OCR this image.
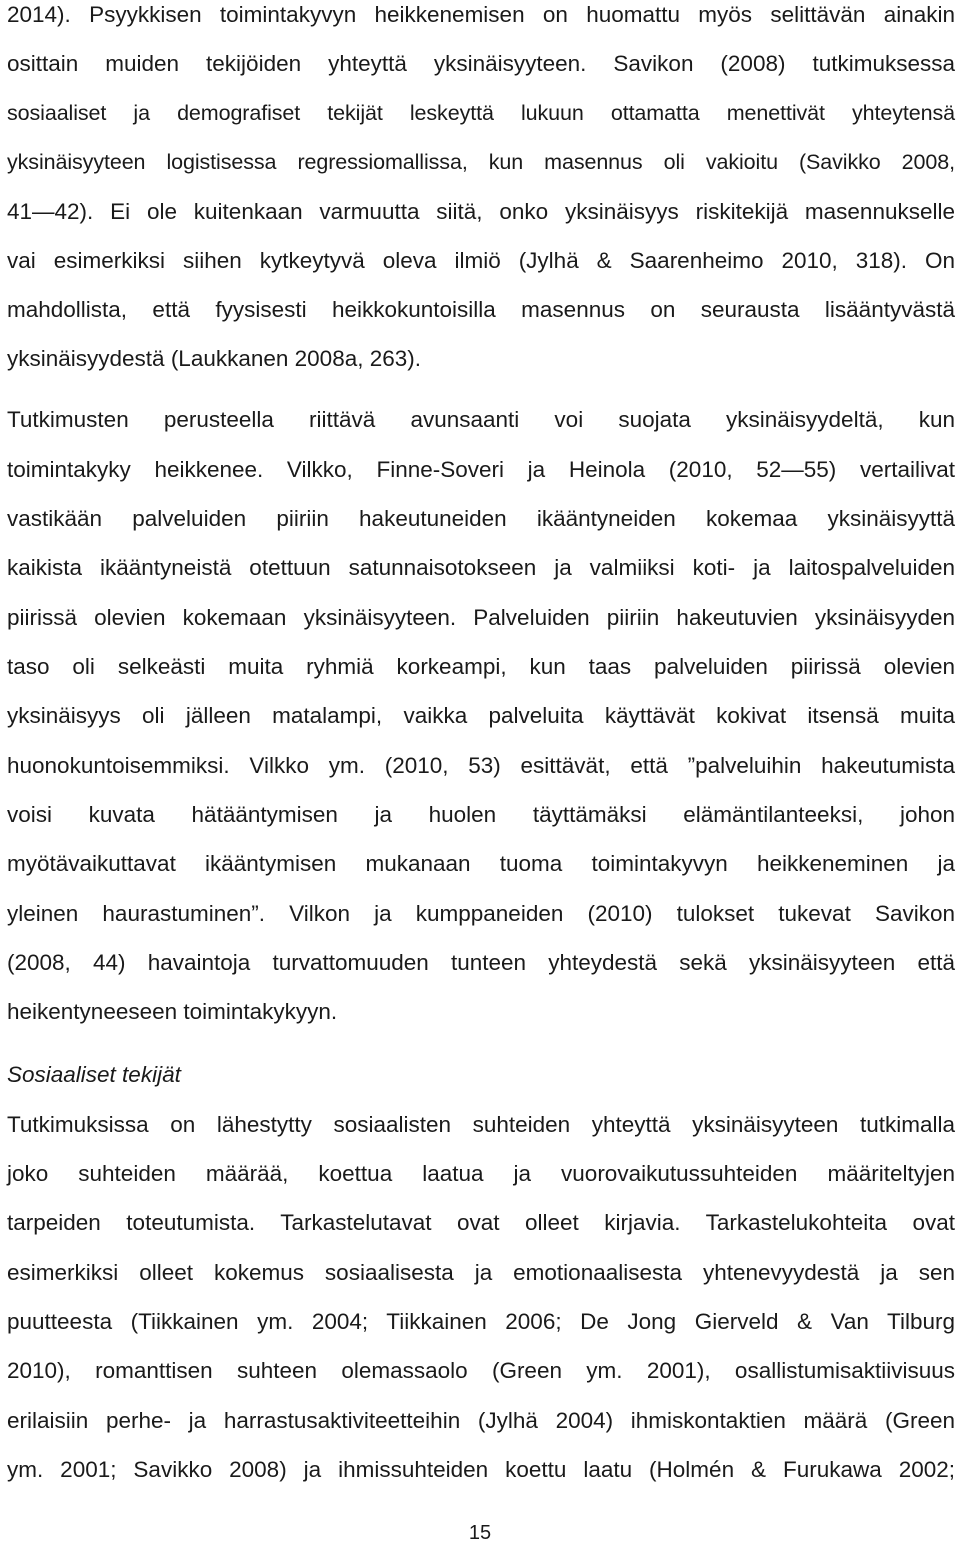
2014). Psyykkisen toimintakyvyn heikkenemisen on huomattu myös selittävän ainakin
osittain muiden tekijöiden yhteyttä yksinäisyyteen. Savikon (2008) tutkimuksessa
sosiaaliset ja demografiset tekijät leskeyttä lukuun ottamatta menettivät yhteytensä
yksinäisyyteen logistisessa regressiomallissa, kun masennus oli vakioitu (Savikko 2008,
41—42). Ei ole kuitenkaan varmuutta siitä, onko yksinäisyys riskitekijä masennukselle
vai esimerkiksi siihen kytkeytyvä oleva ilmiö (Jylhä & Saarenheimo 2010, 318). On
mahdollista, että fyysisesti heikkokuntoisilla masennus on seurausta lisääntyvästä
yksinäisyydestä (Laukkanen 2008a, 263).
Tutkimusten perusteella riittävä avunsaanti voi suojata yksinäisyydeltä, kun
toimintakyky heikkenee. Vilkko, Finne-Soveri ja Heinola (2010, 52—55) vertailivat
vastikään palveluiden piiriin hakeutuneiden ikääntyneiden kokemaa yksinäisyyttä
kaikista ikääntyneistä otettuun satunnaisotokseen ja valmiiksi koti- ja laitospalveluiden
piirissä olevien kokemaan yksinäisyyteen. Palveluiden piiriin hakeutuvien yksinäisyyden
taso oli selkeästi muita ryhmiä korkeampi, kun taas palveluiden piirissä olevien
yksinäisyys oli jälleen matalampi, vaikka palveluita käyttävät kokivat itsensä muita
huonokuntoisemmiksi. Vilkko ym. (2010, 53) esittävät, että ”palveluihin hakeutumista
voisi kuvata hätääntymisen ja huolen täyttämäksi elämäntilanteeksi, johon
myötävaikuttavat ikääntymisen mukanaan tuoma toimintakyvyn heikkeneminen ja
yleinen haurastuminen”. Vilkon ja kumppaneiden (2010) tulokset tukevat Savikon
(2008, 44) havaintoja turvattomuuden tunteen yhteydestä sekä yksinäisyyteen että
heikentyneeseen toimintakykyyn.
Sosiaaliset tekijät
Tutkimuksissa on lähestytty sosiaalisten suhteiden yhteyttä yksinäisyyteen tutkimalla
joko suhteiden määrää, koettua laatua ja vuorovaikutussuhteiden määriteltyjen
tarpeiden toteutumista. Tarkastelutavat ovat olleet kirjavia. Tarkastelukohteita ovat
esimerkiksi olleet kokemus sosiaalisesta ja emotionaalisesta yhtenevyydestä ja sen
puutteesta (Tiikkainen ym. 2004; Tiikkainen 2006; De Jong Gierveld & Van Tilburg
2010), romanttisen suhteen olemassaolo (Green ym. 2001), osallistumisaktiivisuus
erilaisiin perhe- ja harrastusaktiviteetteihin (Jylhä 2004) ihmiskontaktien määrä (Green
ym. 2001; Savikko 2008) ja ihmissuhteiden koettu laatu (Holmén & Furukawa 2002;
15
